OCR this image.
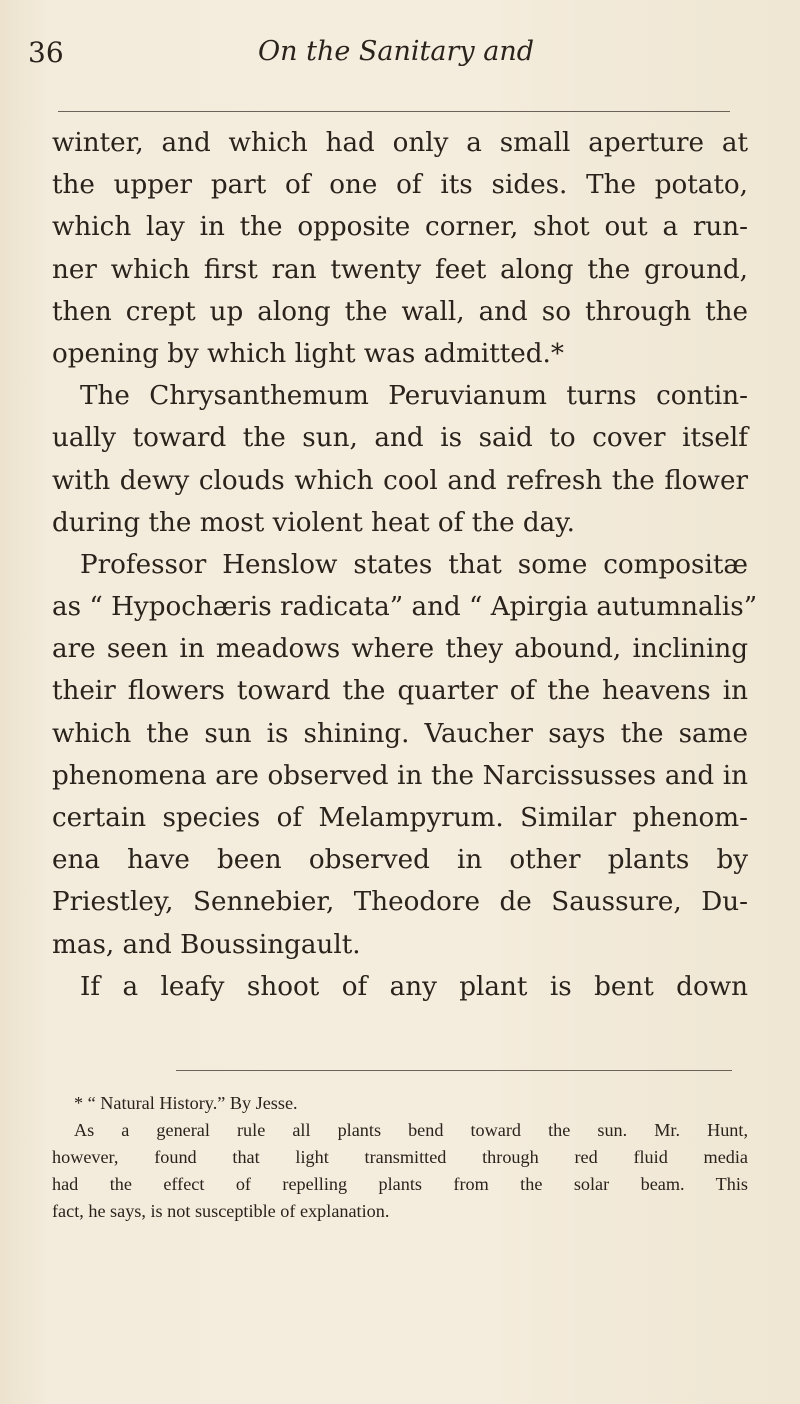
36	On the Sanitary and
winter, and which had only a small aperture at
the upper part of one of its sides. The potato,
which lay in the opposite corner, shot out a run-
ner which first ran twenty feet along the ground,
then crept up along the wall, and so through the
opening by which light was admitted.*
The Chrysanthemum Peruvianum turns contin-
ually toward the sun, and is said to cover itself
with dewy clouds which cool and refresh the flower
during the most violent heat of the day.
Professor Henslow states that some compositæ
as “ Hypochæris radicata” and “ Apirgia autumnalis”
are seen in meadows where they abound, inclining
their flowers toward the quarter of the heavens in
which the sun is shining. Vaucher says the same
phenomena are observed in the Narcissusses and in
certain species of Melampyrum. Similar phenom-
ena have been observed in other plants by
Priestley, Sennebier, Theodore de Saussure, Du-
mas, and Boussingault.
If a leafy shoot of any plant is bent down
* “ Natural History.” By Jesse.
As a general rule all plants bend toward the sun. Mr. Hunt,
however, found that light transmitted through red fluid media
had the effect of repelling plants from the solar beam. This
fact, he says, is not susceptible of explanation.
